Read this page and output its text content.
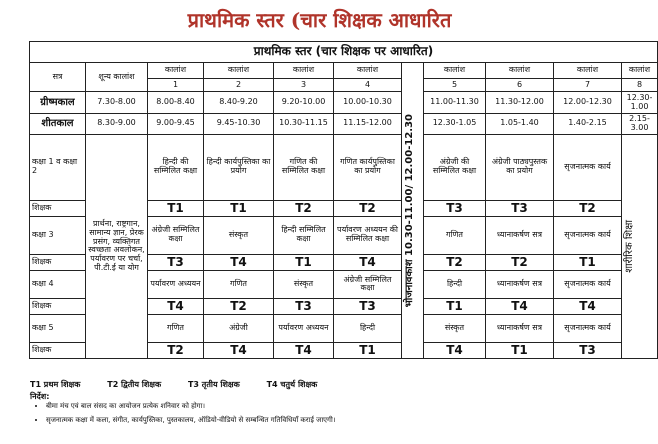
प्राथमिक स्तर (चार शिक्षक आधारित
प्राथमिक स्तर (चार शिक्षक पर आधारित)											
सत्र	शून्य कालांश	कालांश	कालांश	कालांश	कालांश	भोजनावकाश 10.30-11.00/ 12.00-12.30	कालांश	कालांश	कालांश	कालांश	
		1	2	3	4		5	6	7	8	
ग्रीष्मकाल	7.30-8.00	8.00-8.40	8.40-9.20	9.20-10.00	10.00-10.30		11.00-11.30	11.30-12.00	12.00-12.30	12.30-1.00	
शीतकाल	8.30-9.00	9.00-9.45	9.45-10.30	10.30-11.15	11.15-12.00		12.30-1.05	1.05-1.40	1.40-2.15	2.15-3.00	
कक्षा 1 व कक्षा 2	प्रार्थना, राष्ट्रगान, सामान्य ज्ञान, प्रेरक प्रसंग, व्यक्तिगत स्वच्छता अवलोकन, पर्यावरण पर चर्चा, पी.टी.ई या योग	हिन्दी की सम्मिलित कक्षा	हिन्दी कार्यपुस्तिका का प्रयोग	गणित की सम्मिलित कक्षा	गणित कार्यपुस्तिका का प्रयोग		अंग्रेजी की सम्मिलित कक्षा	अंग्रेजी पाठ्यपुस्तक का प्रयोग	सृजनात्मक कार्य	शारीरिक शिक्षा	

शिक्षक		T1	T1	T2	T2		T3	T3	T2		
कक्षा 3		अंग्रेजी सम्मिलित कक्षा	संस्कृत	हिन्दी सम्मिलित कक्षा	पर्यावरण अध्ययन की सम्मिलित कक्षा		गणित	ध्यानाकर्षण सत्र	सृजनात्मक कार्य		
शिक्षक		T3	T4	T1	T4		T2	T2	T1		
कक्षा 4		पर्यावरण अध्ययन	गणित	संस्कृत	अंग्रेजी सम्मिलित कक्षा		हिन्दी	ध्यानाकर्षण सत्र	सृजनात्मक कार्य		
शिक्षक		T4	T2	T3	T3		T1	T4	T4		
कक्षा 5		गणित	अंग्रेजी	पर्यावरण अध्ययन	हिन्दी		संस्कृत	ध्यानाकर्षण सत्र	सृजनात्मक कार्य		
शिक्षक		T2	T4	T4	T1		T4	T1	T3	
T1 प्रथम शिक्षक	T2 द्वितीय शिक्षक	T3 तृतीय शिक्षक	T4 चतुर्थ शिक्षक
निर्देश:
• बीमा मंच एवं बाल संसद का आयोजन प्रत्येक शनिवार को होगा।
• सृजनात्मक कक्षा में कला, संगीत, कार्यपुस्तिका, पुस्तकालय, ऑडियो-वीडियो से सम्बन्धित गतिविधियाँ कराई जाएगी।
